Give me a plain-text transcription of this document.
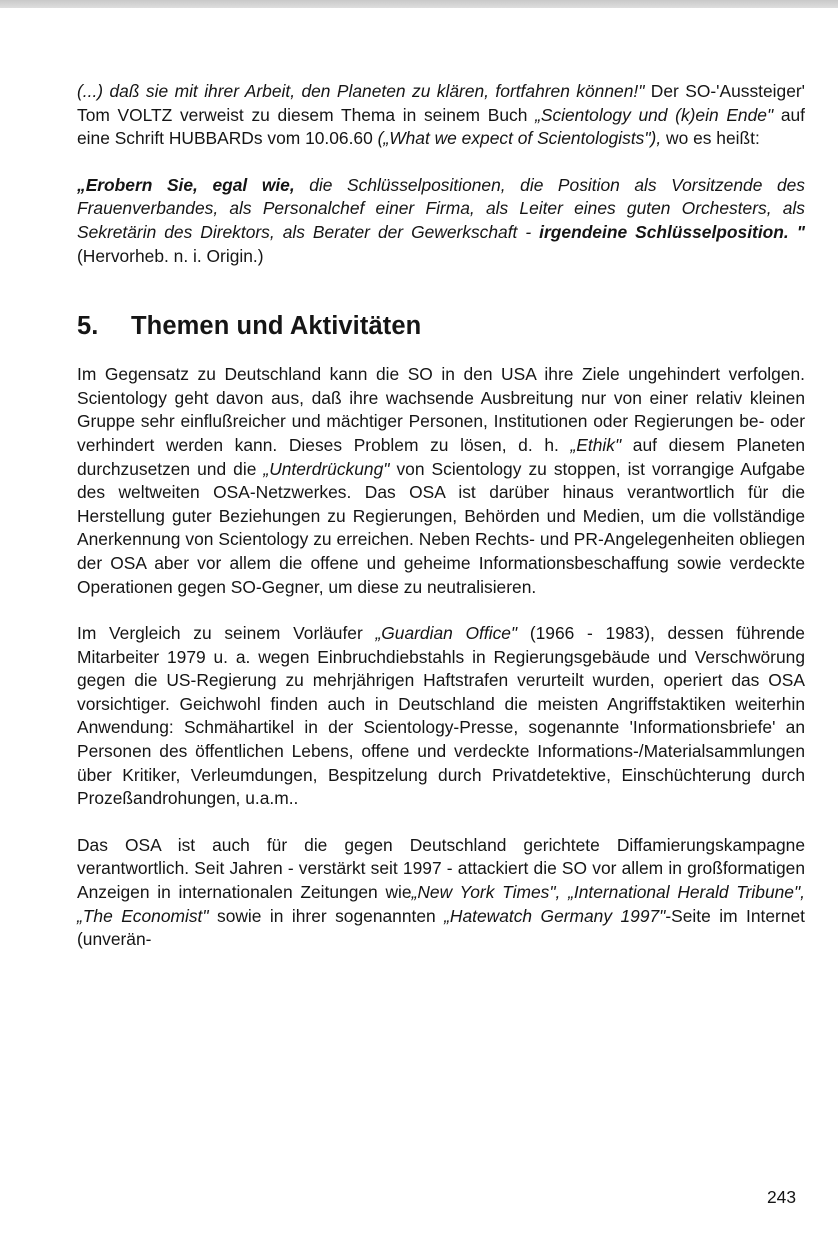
(...) daß sie mit ihrer Arbeit, den Planeten zu klären, fortfahren können!" Der SO-'Aussteiger' Tom VOLTZ verweist zu diesem Thema in seinem Buch „Scientology und (k)ein Ende" auf eine Schrift HUBBARDs vom 10.06.60 („What we expect of Scientologists"), wo es heißt:

„Erobern Sie, egal wie, die Schlüsselpositionen, die Position als Vorsitzende des Frauenverbandes, als Personalchef einer Firma, als Leiter eines guten Orchesters, als Sekretärin des Direktors, als Berater der Gewerkschaft - irgendeine Schlüsselposition. " (Hervorheb. n. i. Origin.)

5. Themen und Aktivitäten

Im Gegensatz zu Deutschland kann die SO in den USA ihre Ziele ungehindert verfolgen. Scientology geht davon aus, daß ihre wachsende Ausbreitung nur von einer relativ kleinen Gruppe sehr einflußreicher und mächtiger Personen, Institutionen oder Regierungen be- oder verhindert werden kann. Dieses Problem zu lösen, d. h. „Ethik" auf diesem Planeten durchzusetzen und die „Unterdrückung" von Scientology zu stoppen, ist vorrangige Aufgabe des weltweiten OSA-Netzwerkes. Das OSA ist darüber hinaus verantwortlich für die Herstellung guter Beziehungen zu Regierungen, Behörden und Medien, um die vollständige Anerkennung von Scientology zu erreichen. Neben Rechts- und PR-Angelegenheiten obliegen der OSA aber vor allem die offene und geheime Informationsbeschaffung sowie verdeckte Operationen gegen SO-Gegner, um diese zu neutralisieren.

Im Vergleich zu seinem Vorläufer „Guardian Office" (1966 - 1983), dessen führende Mitarbeiter 1979 u. a. wegen Einbruchdiebstahls in Regierungsgebäude und Verschwörung gegen die US-Regierung zu mehrjährigen Haftstrafen verurteilt wurden, operiert das OSA vorsichtiger. Geichwohl finden auch in Deutschland die meisten Angriffstaktiken weiterhin Anwendung: Schmähartikel in der Scientology-Presse, sogenannte 'Informationsbriefe' an Personen des öffentlichen Lebens, offene und verdeckte Informations-/Materialsammlungen über Kritiker, Verleumdungen, Bespitzelung durch Privatdetektive, Einschüchterung durch Prozeßandrohungen, u.a.m..

Das OSA ist auch für die gegen Deutschland gerichtete Diffamierungskampagne verantwortlich. Seit Jahren - verstärkt seit 1997 - attackiert die SO vor allem in großformatigen Anzeigen in internationalen Zeitungen wie„New York Times", „International Herald Tribune", „The Economist" sowie in ihrer sogenannten „Hatewatch Germany 1997"-Seite im Internet (unverän-

243
